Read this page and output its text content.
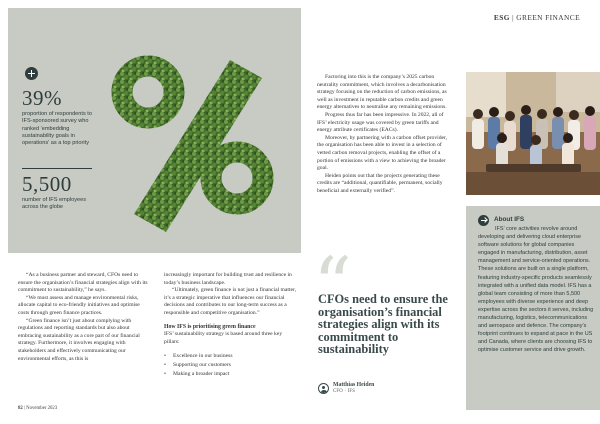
39%
proportion of respondents to IFS-sponsored survey who ranked 'embedding sustainability goals in operations' as a top priority
5,500
number of IFS employees across the globe
ESG | GREEN FINANCE

“As a business partner and steward, CFOs need to ensure the organisation’s financial strategies align with its commitment to sustainability,” he says.

“We must assess and manage environmental risks, allocate capital to eco-friendly initiatives and optimise costs through green finance practices.

“Green finance isn’t just about complying with regulations and reporting standards but also about embracing sustainability as a core part of our financial strategy. Furthermore, it involves engaging with stakeholders and effectively communicating our environmental efforts, as this is

increasingly important for building trust and resilience in today’s business landscape.

“Ultimately, green finance is not just a financial matter, it’s a strategic imperative that influences our financial decisions and contributes to our long-term success as a responsible and competitive organisation.”

How IFS is prioritising green finance

IFS’ sustainability strategy is based around three key pillars:

• Excellence in our business
• Supporting our customers
• Making a broader impact

Factoring into this is the company’s 2025 carbon neutrality commitment, which involves a decarbonisation strategy focusing on the reduction of carbon emissions, as well as investment in reputable carbon credits and green energy alternatives to neutralise any remaining emissions.

Progress thus far has been impressive. In 2022, all of IFS’ electricity usage was covered by green tariffs and energy attribute certificates (EACs).

Moreover, by partnering with a carbon offset provider, the organisation has been able to invest in a selection of vetted carbon removal projects, enabling the offset of a portion of emissions with a view to achieving the broader goal.

Heiden points out that the projects generating these credits are “additional, quantifiable, permanent, socially beneficial and externally verified”.

“
CFOs need to ensure the organisation’s financial strategies align with its commitment to sustainability
Matthias Heiden
CFO · IFS
About IFS

IFS’ core activities revolve around developing and delivering cloud enterprise software solutions for global companies engaged in manufacturing, distribution, asset management and service-oriented operations. These solutions are built on a single platform, featuring industry-specific products seamlessly integrated with a unified data model. IFS has a global team consisting of more than 5,500 employees with diverse experience and deep expertise across the sectors it serves, including manufacturing, logistics, telecommunications and aerospace and defence. The company’s footprint continues to expand at pace in the US and Canada, where clients are choosing IFS to optimise customer service and drive growth.

82 | November 2023
